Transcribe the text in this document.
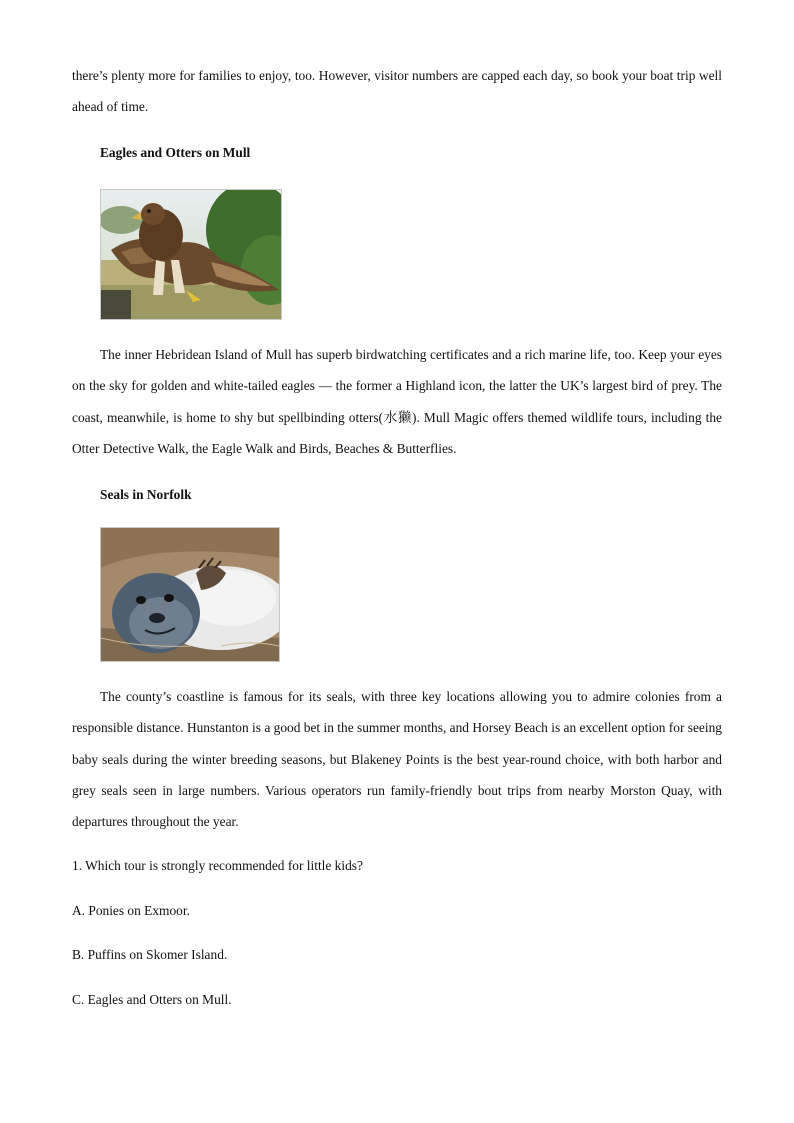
there’s plenty more for families to enjoy, too. However, visitor numbers are capped each day, so book your boat trip well ahead of time.

Eagles and Otters on Mull

The inner Hebridean Island of Mull has superb birdwatching certificates and a rich marine life, too. Keep your eyes on the sky for golden and white-tailed eagles — the former a Highland icon, the latter the UK’s largest bird of prey. The coast, meanwhile, is home to shy but spellbinding otters(水獭). Mull Magic offers themed wildlife tours, including the Otter Detective Walk, the Eagle Walk and Birds, Beaches & Butterflies.

Seals in Norfolk

The county’s coastline is famous for its seals, with three key locations allowing you to admire colonies from a responsible distance. Hunstanton is a good bet in the summer months, and Horsey Beach is an excellent option for seeing baby seals during the winter breeding seasons, but Blakeney Points is the best year-round choice, with both harbor and grey seals seen in large numbers. Various operators run family-friendly bout trips from nearby Morston Quay, with departures throughout the year.

1. Which tour is strongly recommended for little kids?

A. Ponies on Exmoor.

B. Puffins on Skomer Island.

C. Eagles and Otters on Mull.
